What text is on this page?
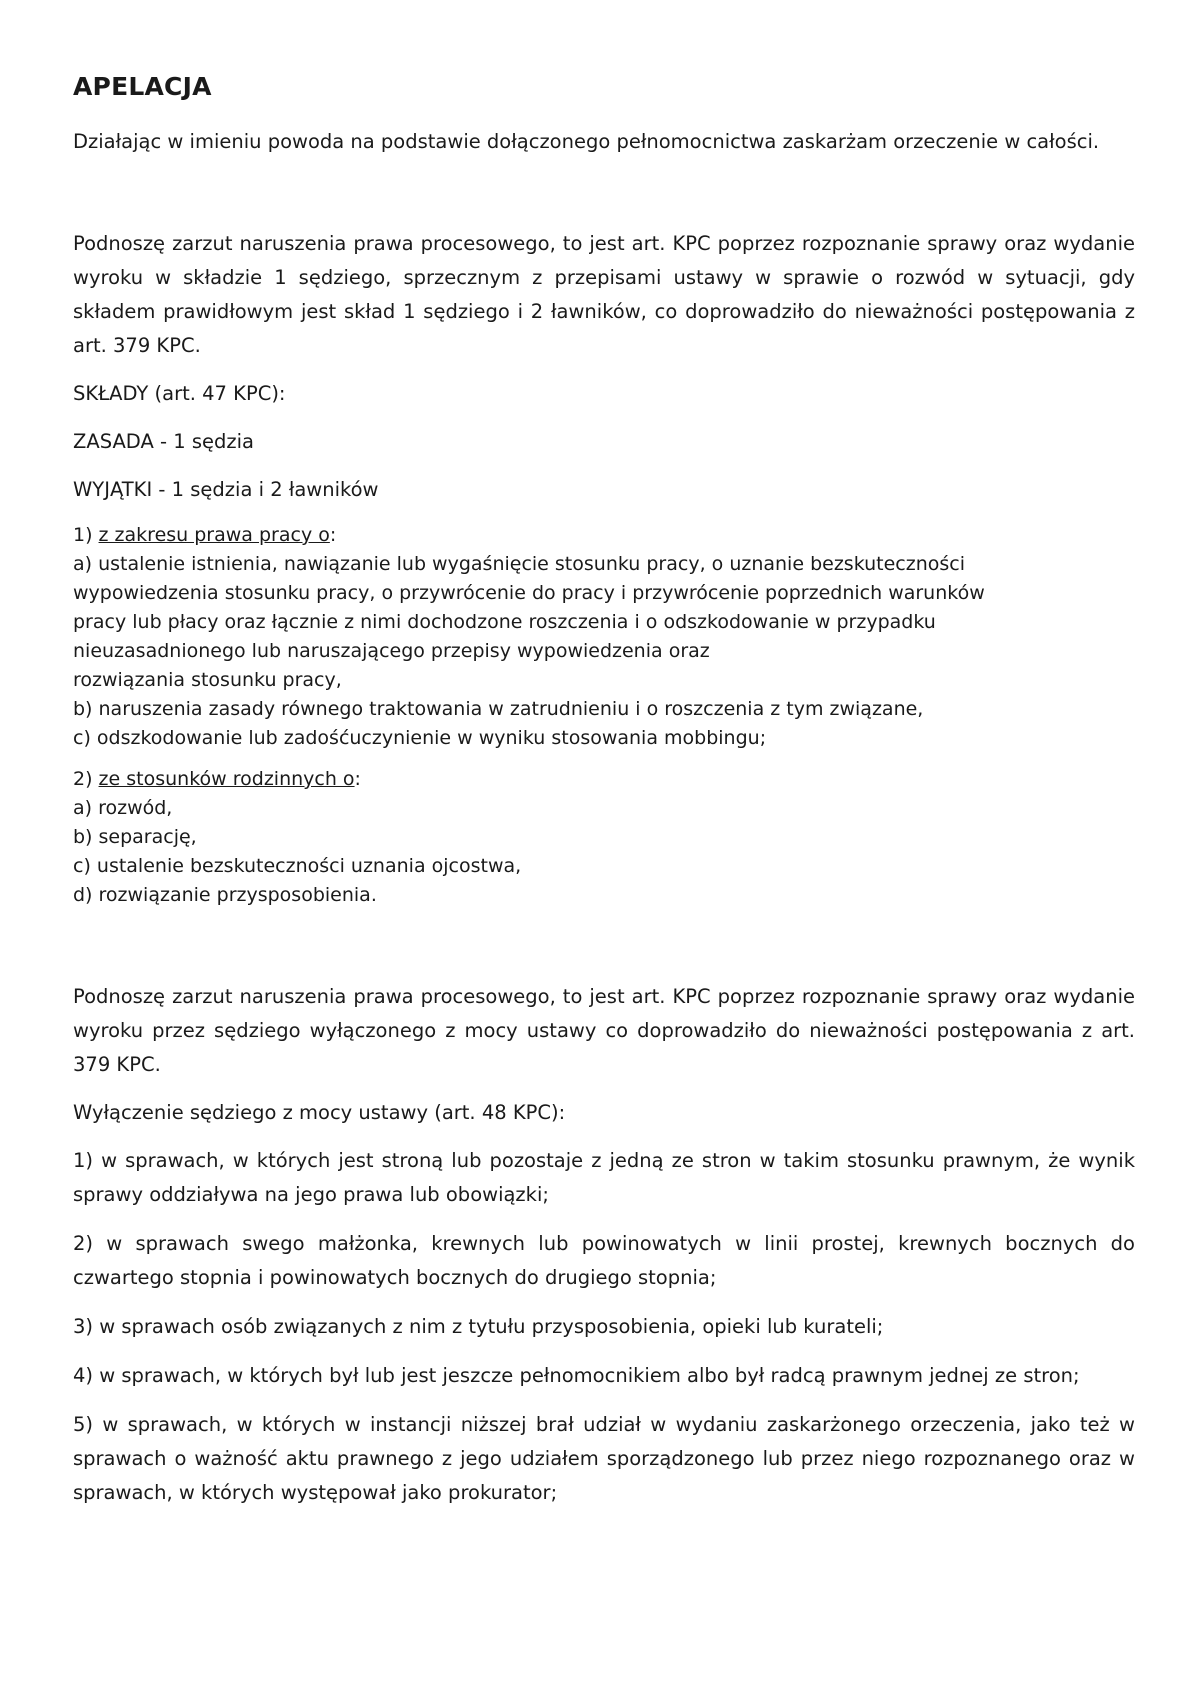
APELACJA

Działając w imieniu powoda na podstawie dołączonego pełnomocnictwa zaskarżam orzeczenie w całości.

Podnoszę zarzut naruszenia prawa procesowego, to jest art. KPC poprzez rozpoznanie sprawy oraz wydanie wyroku w składzie 1 sędziego, sprzecznym z przepisami ustawy w sprawie o rozwód w sytuacji, gdy składem prawidłowym jest skład 1 sędziego i 2 ławników, co doprowadziło do nieważności postępowania z art. 379 KPC.

SKŁADY (art. 47 KPC):

ZASADA - 1 sędzia

WYJĄTKI - 1 sędzia i 2 ławników

1) z zakresu prawa pracy o:
a) ustalenie istnienia, nawiązanie lub wygaśnięcie stosunku pracy, o uznanie bezskuteczności
wypowiedzenia stosunku pracy, o przywrócenie do pracy i przywrócenie poprzednich warunków
pracy lub płacy oraz łącznie z nimi dochodzone roszczenia i o odszkodowanie w przypadku
nieuzasadnionego lub naruszającego przepisy wypowiedzenia oraz
rozwiązania stosunku pracy,
b) naruszenia zasady równego traktowania w zatrudnieniu i o roszczenia z tym związane,
c) odszkodowanie lub zadośćuczynienie w wyniku stosowania mobbingu;
2) ze stosunków rodzinnych o:
a) rozwód,
b) separację,
c) ustalenie bezskuteczności uznania ojcostwa,
d) rozwiązanie przysposobienia.

Podnoszę zarzut naruszenia prawa procesowego, to jest art. KPC poprzez rozpoznanie sprawy oraz wydanie wyroku przez sędziego wyłączonego z mocy ustawy co doprowadziło do nieważności postępowania z art. 379 KPC.

Wyłączenie sędziego z mocy ustawy (art. 48 KPC):

1) w sprawach, w których jest stroną lub pozostaje z jedną ze stron w takim stosunku prawnym, że wynik sprawy oddziaływa na jego prawa lub obowiązki;

2) w sprawach swego małżonka, krewnych lub powinowatych w linii prostej, krewnych bocznych do czwartego stopnia i powinowatych bocznych do drugiego stopnia;

3) w sprawach osób związanych z nim z tytułu przysposobienia, opieki lub kurateli;

4) w sprawach, w których był lub jest jeszcze pełnomocnikiem albo był radcą prawnym jednej ze stron;

5) w sprawach, w których w instancji niższej brał udział w wydaniu zaskarżonego orzeczenia, jako też w sprawach o ważność aktu prawnego z jego udziałem sporządzonego lub przez niego rozpoznanego oraz w sprawach, w których występował jako prokurator;
